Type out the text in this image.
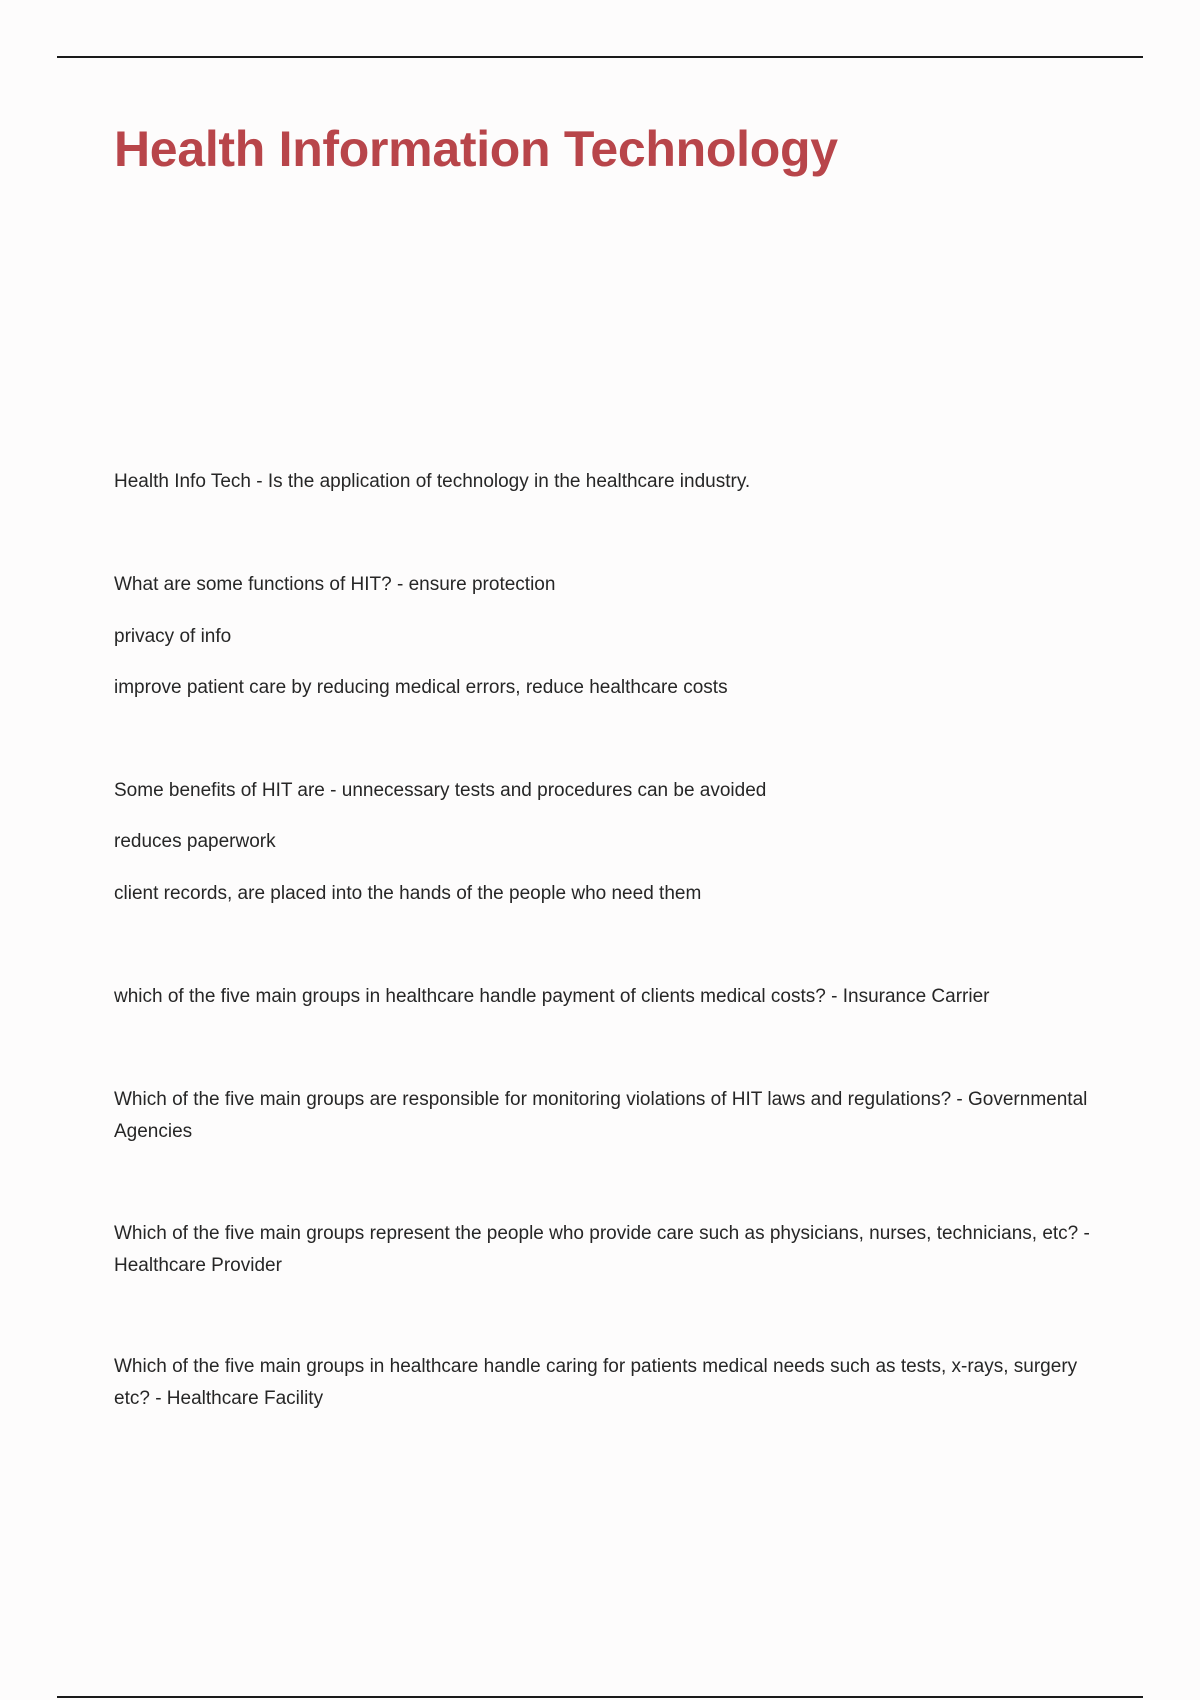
Health Information Technology

Health Info Tech - Is the application of technology in the healthcare industry.

What are some functions of HIT? - ensure protection

privacy of info

improve patient care by reducing medical errors, reduce healthcare costs

Some benefits of HIT are - unnecessary tests and procedures can be avoided

reduces paperwork

client records, are placed into the hands of the people who need them

which of the five main groups in healthcare handle payment of clients medical costs? - Insurance Carrier

Which of the five main groups are responsible for monitoring violations of HIT laws and regulations? - Governmental Agencies

Which of the five main groups represent the people who provide care such as physicians, nurses, technicians, etc? - Healthcare Provider

Which of the five main groups in healthcare handle caring for patients medical needs such as tests, x-rays, surgery etc? - Healthcare Facility
